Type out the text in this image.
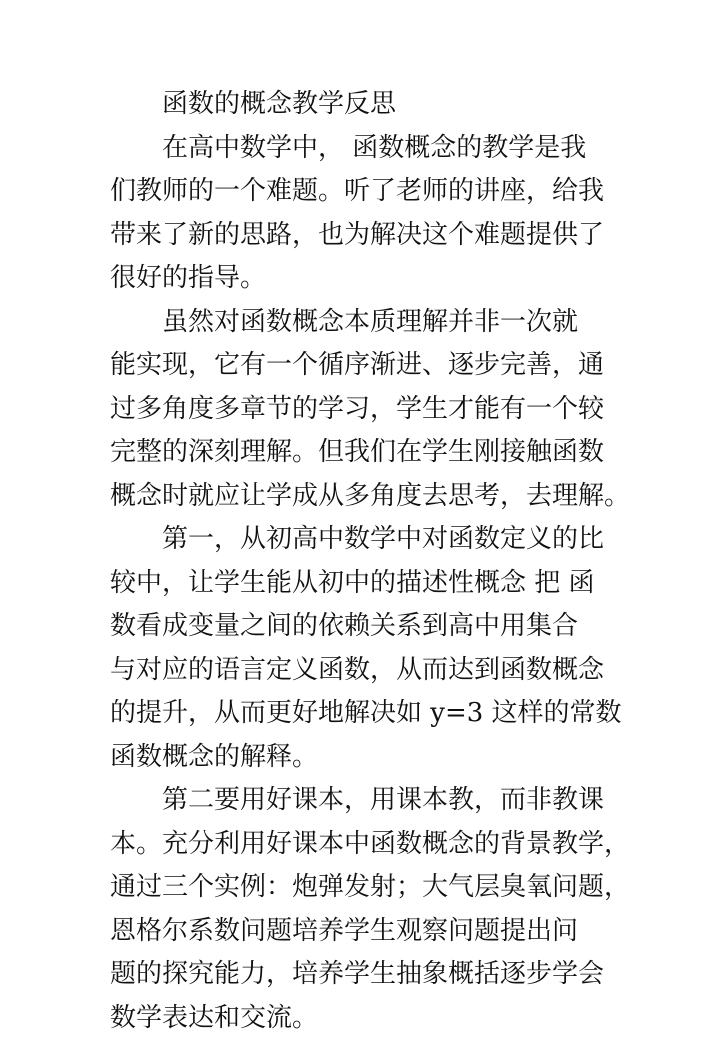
函数的概念教学反思
在高中数学中， 函数概念的教学是我
们教师的一个难题。听了老师的讲座，给我
带来了新的思路，也为解决这个难题提供了
很好的指导。
虽然对函数概念本质理解并非一次就
能实现，它有一个循序渐进、逐步完善，通
过多角度多章节的学习，学生才能有一个较
完整的深刻理解。但我们在学生刚接触函数
概念时就应让学成从多角度去思考，去理解。
第一，从初高中数学中对函数定义的比
较中，让学生能从初中的描述性概念 把 函
数看成变量之间的依赖关系到高中用集合
与对应的语言定义函数，从而达到函数概念
的提升，从而更好地解决如 y=3 这样的常数
函数概念的解释。
第二要用好课本，用课本教，而非教课
本。充分利用好课本中函数概念的背景教学，
通过三个实例：炮弹发射；大气层臭氧问题，
恩格尔系数问题培养学生观察问题提出问
题的探究能力，培养学生抽象概括逐步学会
数学表达和交流。
